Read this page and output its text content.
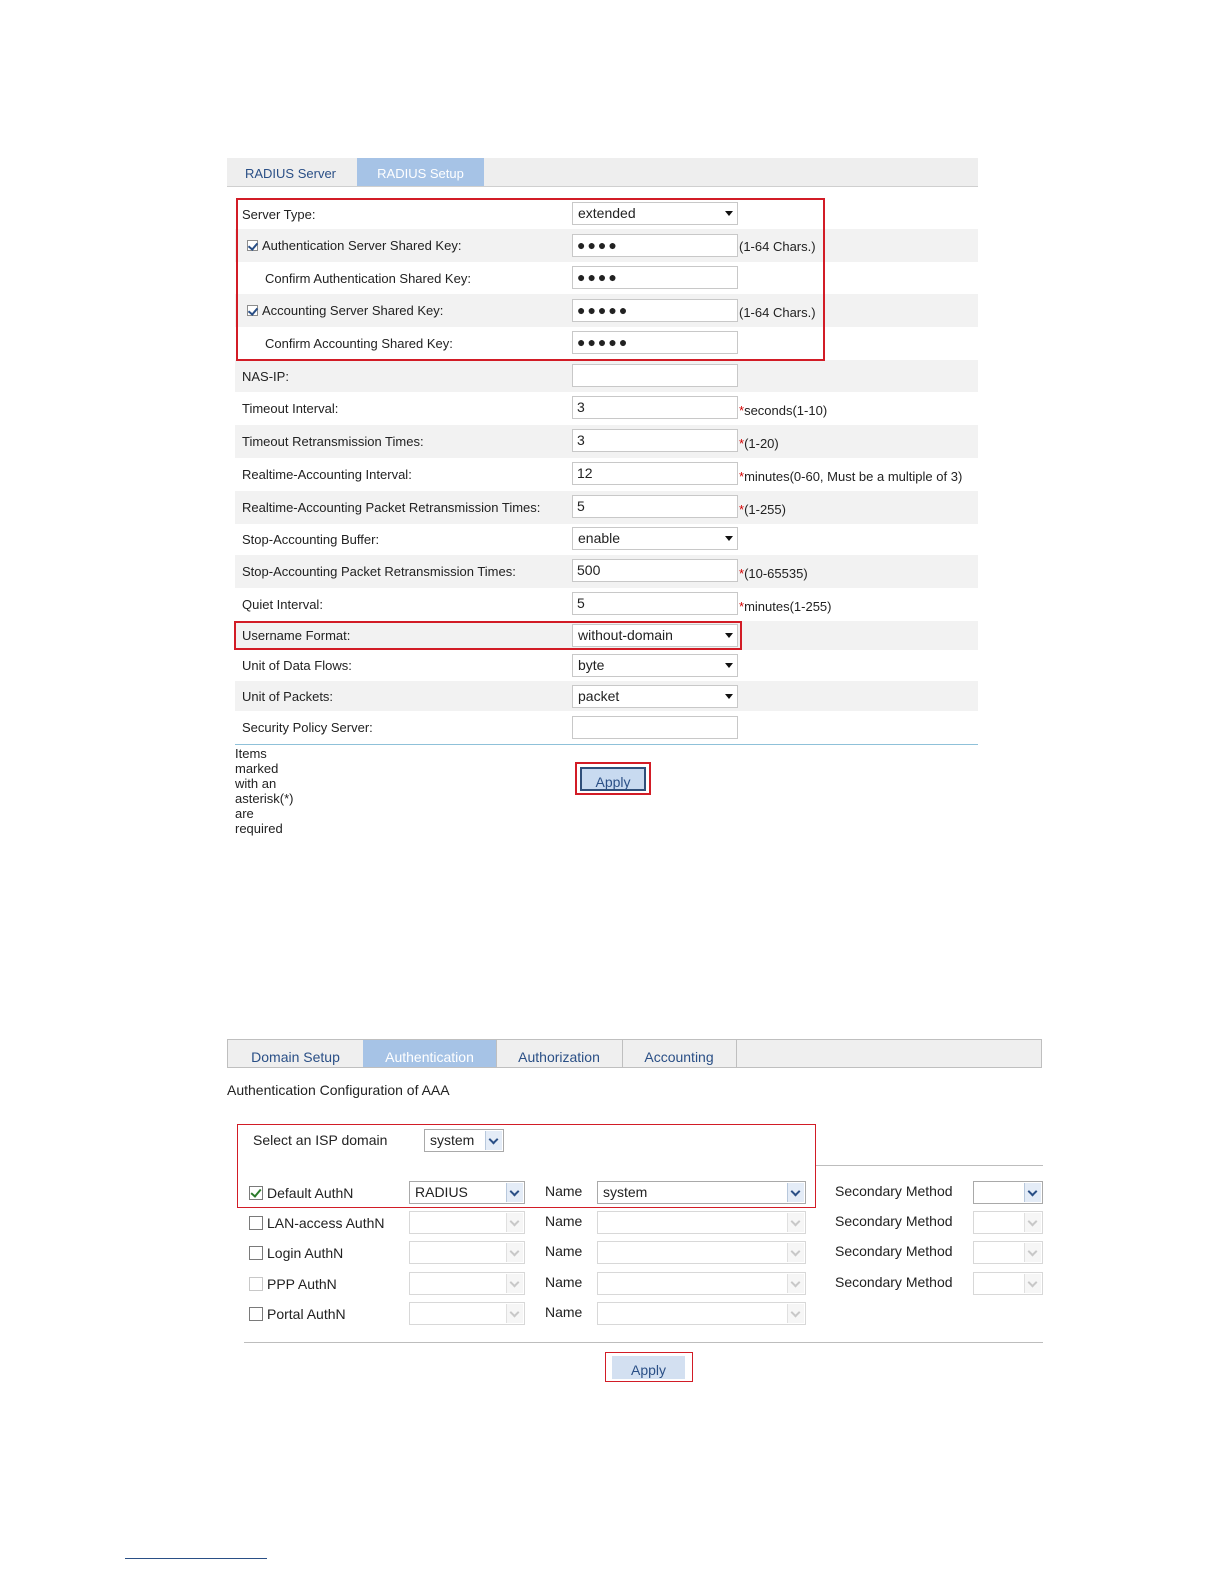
RADIUS Server	RADIUS Setup
Server Type:	extended
Authentication Server Shared Key:	●●●●	(1-64 Chars.)
Confirm Authentication Shared Key:	●●●●
Accounting Server Shared Key:	●●●●●	(1-64 Chars.)
Confirm Accounting Shared Key:	●●●●●
NAS-IP:
Timeout Interval:	3	*seconds(1-10)
Timeout Retransmission Times:	3	*(1-20)
Realtime-Accounting Interval:	12	*minutes(0-60, Must be a multiple of 3)
Realtime-Accounting Packet Retransmission Times:	5	*(1-255)
Stop-Accounting Buffer:	enable
Stop-Accounting Packet Retransmission Times:	500	*(10-65535)
Quiet Interval:	5	*minutes(1-255)
Username Format:	without-domain
Unit of Data Flows:	byte
Unit of Packets:	packet
Security Policy Server:
Items marked with an asterisk(*) are required
Apply
Domain Setup	Authentication	Authorization	Accounting
Authentication Configuration of AAA
Select an ISP domain	system
Default AuthN	RADIUS	Name	system	Secondary Method
LAN-access AuthN	Name	Secondary Method
Login AuthN	Name	Secondary Method
PPP AuthN	Name	Secondary Method
Portal AuthN	Name
Apply
